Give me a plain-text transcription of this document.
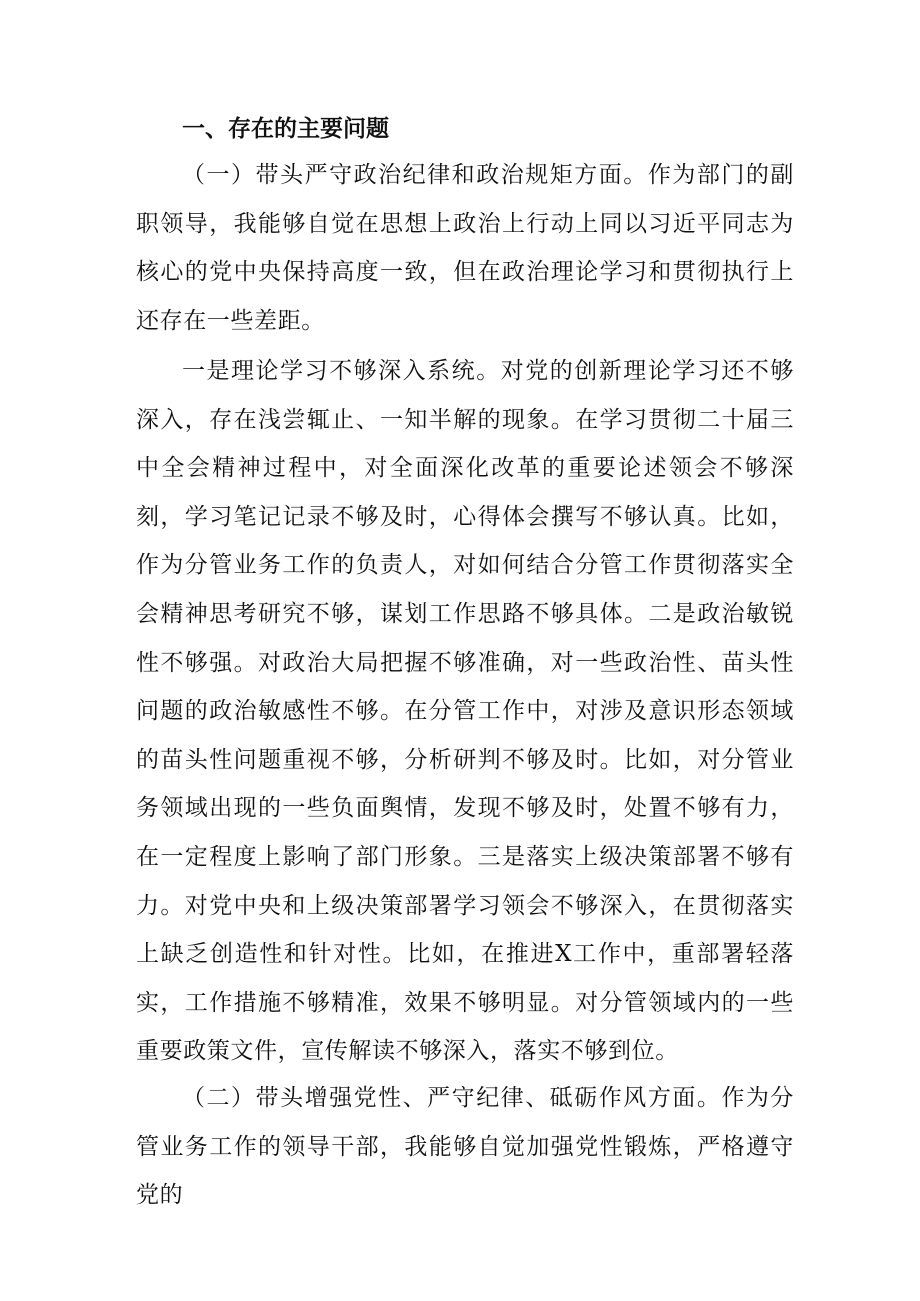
一、存在的主要问题

（一）带头严守政治纪律和政治规矩方面。作为部门的副职领导，我能够自觉在思想上政治上行动上同以习近平同志为核心的党中央保持高度一致，但在政治理论学习和贯彻执行上还存在一些差距。

一是理论学习不够深入系统。对党的创新理论学习还不够深入，存在浅尝辄止、一知半解的现象。在学习贯彻二十届三中全会精神过程中，对全面深化改革的重要论述领会不够深刻，学习笔记记录不够及时，心得体会撰写不够认真。比如，作为分管业务工作的负责人，对如何结合分管工作贯彻落实全会精神思考研究不够，谋划工作思路不够具体。二是政治敏锐性不够强。对政治大局把握不够准确，对一些政治性、苗头性问题的政治敏感性不够。在分管工作中，对涉及意识形态领域的苗头性问题重视不够，分析研判不够及时。比如，对分管业务领域出现的一些负面舆情，发现不够及时，处置不够有力，在一定程度上影响了部门形象。三是落实上级决策部署不够有力。对党中央和上级决策部署学习领会不够深入，在贯彻落实上缺乏创造性和针对性。比如，在推进X工作中，重部署轻落实，工作措施不够精准，效果不够明显。对分管领域内的一些重要政策文件，宣传解读不够深入，落实不够到位。

（二）带头增强党性、严守纪律、砥砺作风方面。作为分管业务工作的领导干部，我能够自觉加强党性锻炼，严格遵守党的
